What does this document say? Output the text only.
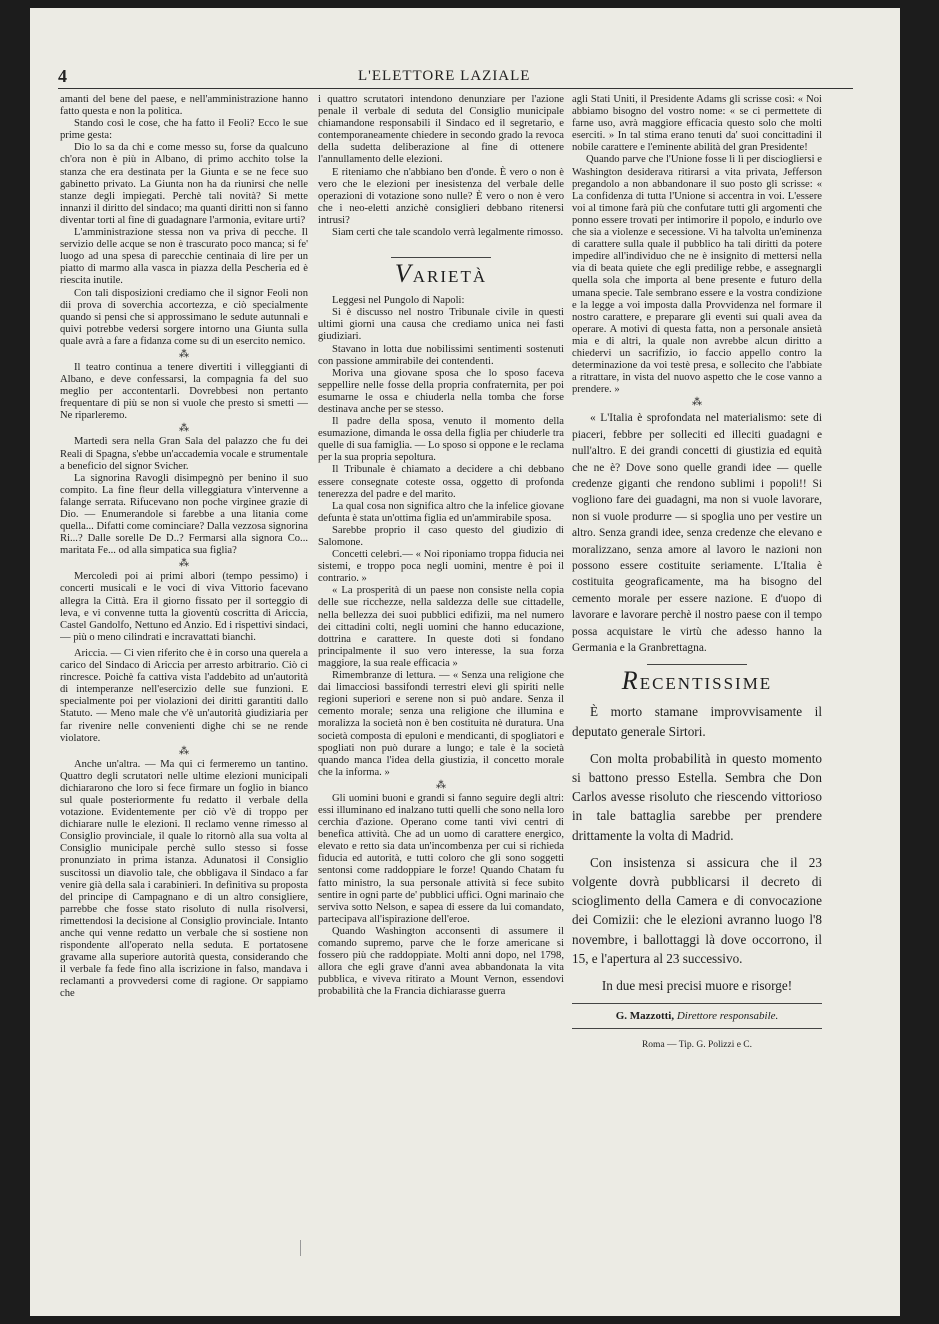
4	L'ELETTORE LAZIALE

amanti del bene del paese, e nell'amministrazione hanno fatto questa e non la politica.

Stando così le cose, che ha fatto il Feoli? Ecco le sue prime gesta:

Dio lo sa da chi e come messo su, forse da qualcuno ch'ora non è più in Albano, di primo acchito tolse la stanza che era destinata per la Giunta e se ne fece suo gabinetto privato. La Giunta non ha da riunirsi che nelle stanze degli impiegati. Perchè tali novità? Si mette innanzi il diritto del sindaco; ma quanti diritti non si fanno diventar torti al fine di guadagnare l'armonia, evitare urti?

L'amministrazione stessa non va priva di pecche. Il servizio delle acque se non è trascurato poco manca; si fe' luogo ad una spesa di parecchie centinaia di lire per un piatto di marmo alla vasca in piazza della Pescheria ed è riescita inutile.

Con tali disposizioni crediamo che il signor Feoli non dii prova di soverchia accortezza, e ciò specialmente quando si pensi che si approssimano le sedute autunnali e quivi potrebbe vedersi sorgere intorno una Giunta sulla quale avrà a fare a fidanza come su di un esercito nemico.

⁂

Il teatro continua a tenere divertiti i villeggianti di Albano, e deve confessarsi, la compagnia fa del suo meglio per accontentarli. Dovrebbesi non pertanto frequentare di più se non si vuole che presto si smetti — Ne riparleremo.

⁂

Martedì sera nella Gran Sala del palazzo che fu dei Reali di Spagna, s'ebbe un'accademia vocale e strumentale a beneficio del signor Svicher.

La signorina Ravogli disimpegnò per benino il suo compito. La fine fleur della villeggiatura v'intervenne a falange serrata. Rifucevano non poche virginee grazie di Dio. — Enumerandole si farebbe a una litania come quella... Difatti come cominciare? Dalla vezzosa signorina Ri...? Dalle sorelle De D..? Fermarsi alla signora Co... maritata Fe... od alla simpatica sua figlia?

⁂

Mercoledì poi ai primi albori (tempo pessimo) i concerti musicali e le voci di viva Vittorio facevano allegra la Città. Era il giorno fissato per il sorteggio di leva, e vi convenne tutta la gioventù coscritta di Ariccia, Castel Gandolfo, Nettuno ed Anzio. Ed i rispettivi sindaci, — più o meno cilindrati e incravattati bianchi.

Ariccia. — Ci vien riferito che è in corso una querela a carico del Sindaco di Ariccia per arresto arbitrario. Ciò ci rincresce. Poichè fa cattiva vista l'addebito ad un'autorità di intemperanze nell'esercizio delle sue funzioni. E specialmente poi per violazioni dei diritti garantiti dallo Statuto. — Meno male che v'è un'autorità giudiziaria per far rivenire nelle convenienti dighe chi se ne rende violatore.

⁂

Anche un'altra. — Ma qui ci fermeremo un tantino. Quattro degli scrutatori nelle ultime elezioni municipali dichiararono che loro si fece firmare un foglio in bianco sul quale posteriormente fu redatto il verbale della votazione. Evidentemente per ciò v'è di troppo per dichiarare nulle le elezioni. Il reclamo venne rimesso al Consiglio provinciale, il quale lo ritornò alla sua volta al Consiglio municipale perchè sullo stesso si fosse pronunziato in prima istanza. Adunatosi il Consiglio suscitossi un diavolio tale, che obbligava il Sindaco a far venire già della sala i carabinieri. In definitiva su proposta del principe di Campagnano e di un altro consigliere, parrebbe che fosse stato risoluto di nulla risolversi, rimettendosi la decisione al Consiglio provinciale. Intanto anche qui venne redatto un verbale che si sostiene non rispondente all'operato nella seduta. E portatosene gravame alla superiore autorità questa, considerando che il verbale fa fede fino alla iscrizione in falso, mandava i reclamanti a provvedersi come di ragione. Or sappiamo che

i quattro scrutatori intendono denunziare per l'azione penale il verbale di seduta del Consiglio municipale chiamandone responsabili il Sindaco ed il segretario, e contemporaneamente chiedere in secondo grado la revoca della sudetta deliberazione al fine di ottenere l'annullamento delle elezioni.

E riteniamo che n'abbiano ben d'onde. È vero o non è vero che le elezioni per inesistenza del verbale delle operazioni di votazione sono nulle? È vero o non è vero che i neo-eletti anzichè consiglieri debbano ritenersi intrusi?

Siam certi che tale scandolo verrà legalmente rimosso.

VARIETÀ

Leggesi nel Pungolo di Napoli:

Si è discusso nel nostro Tribunale civile in questi ultimi giorni una causa che crediamo unica nei fasti giudiziari.

Stavano in lotta due nobilissimi sentimenti sostenuti con passione ammirabile dei contendenti.

Moriva una giovane sposa che lo sposo faceva seppellire nelle fosse della propria confraternita, per poi esumarne le ossa e chiuderla nella tomba che forse destinava anche per se stesso.

Il padre della sposa, venuto il momento della esumazione, dimanda le ossa della figlia per chiuderle tra quelle di sua famiglia. — Lo sposo si oppone e le reclama per la sua propria sepoltura.

Il Tribunale è chiamato a decidere a chi debbano essere consegnate coteste ossa, oggetto di profonda tenerezza del padre e del marito.

La qual cosa non significa altro che la infelice giovane defunta è stata un'ottima figlia ed un'ammirabile sposa.

Sarebbe proprio il caso questo del giudizio di Salomone.

Concetti celebri.— « Noi riponiamo troppa fiducia nei sistemi, e troppo poca negli uomini, mentre è poi il contrario. »

« La prosperità di un paese non consiste nella copia delle sue ricchezze, nella saldezza delle sue cittadelle, nella bellezza dei suoi pubblici edifizii, ma nel numero dei cittadini colti, negli uomini che hanno educazione, dottrina e carattere. In queste doti si fondano principalmente il suo vero interesse, la sua forza maggiore, la sua reale efficacia »

Rimembranze di lettura. — « Senza una religione che dai limacciosi bassifondi terrestri elevi gli spiriti nelle regioni superiori e serene non si può andare. Senza il cemento morale; senza una religione che illumina e moralizza la società non è ben costituita nè duratura. Una società composta di epuloni e mendicanti, di spogliatori e spogliati non può durare a lungo; e tale è la società quando manca l'idea della giustizia, il concetto morale che la informa. »

⁂

Gli uomini buoni e grandi si fanno seguire degli altri: essi illuminano ed inalzano tutti quelli che sono nella loro cerchia d'azione. Operano come tanti vivi centri di benefica attività. Che ad un uomo di carattere energico, elevato e retto sia data un'incombenza per cui si richieda fiducia ed autorità, e tutti coloro che gli sono soggetti sentonsi come raddoppiare le forze! Quando Chatam fu fatto ministro, la sua personale attività si fece subito sentire in ogni parte de' pubblici uffici. Ogni marinaio che serviva sotto Nelson, e sapea di essere da lui comandato, partecipava all'ispirazione dell'eroe.

Quando Washington acconsentì di assumere il comando supremo, parve che le forze americane si fossero più che raddoppiate. Molti anni dopo, nel 1798, allora che egli grave d'anni avea abbandonata la vita pubblica, e viveva ritirato a Mount Vernon, essendovi probabilità che la Francia dichiarasse guerra

agli Stati Uniti, il Presidente Adams gli scrisse così: « Noi abbiamo bisogno del vostro nome: « se ci permettete di farne uso, avrà maggiore efficacia questo solo che molti eserciti. » In tal stima erano tenuti da' suoi concittadini il nobile carattere e l'eminente abilità del gran Presidente!

Quando parve che l'Unione fosse lì lì per disciogliersi e Washington desiderava ritirarsi a vita privata, Jefferson pregandolo a non abbandonare il suo posto gli scrisse: « La confidenza di tutta l'Unione si accentra in voi. L'essere voi al timone farà più che confutare tutti gli argomenti che ponno essere trovati per intimorire il popolo, e indurlo ove che sia a violenze e secessione. Vi ha talvolta un'eminenza di carattere sulla quale il pubblico ha tali diritti da potere impedire all'individuo che ne è insignito di mettersi nella via di beata quiete che egli predilige rebbe, e assegnargli quella sola che importa al bene presente e futuro della umana specie. Tale sembrano essere e la vostra condizione e la legge a voi imposta dalla Provvidenza nel formare il nostro carattere, e preparare gli eventi sui quali avea da operare. A motivi di questa fatta, non a personale ansietà mia e di altri, la quale non avrebbe alcun diritto a chiedervi un sacrifizio, io faccio appello contro la determinazione da voi testè presa, e sollecito che l'abbiate a ritrattare, in vista del nuovo aspetto che le cose vanno a prendere. »

⁂

« L'Italia è sprofondata nel materialismo: sete di piaceri, febbre per solleciti ed illeciti guadagni e null'altro. E dei grandi concetti di giustizia ed equità che ne è? Dove sono quelle grandi idee — quelle credenze giganti che rendono sublimi i popoli!! Si vogliono fare dei guadagni, ma non si vuole lavorare, non si vuole produrre — si spoglia uno per vestire un altro. Senza grandi idee, senza credenze che elevano e moralizzano, senza amore al lavoro le nazioni non possono essere costituite seriamente. L'Italia è costituita geograficamente, ma ha bisogno del cemento morale per essere nazione. E d'uopo di lavorare e lavorare perchè il nostro paese con il tempo possa acquistare le virtù che adesso hanno la Germania e la Granbrettagna.

RECENTISSIME

È morto stamane improvvisamente il deputato generale Sirtori.

Con molta probabilità in questo momento si battono presso Estella. Sembra che Don Carlos avesse risoluto che riescendo vittorioso in tale battaglia sarebbe per prendere drittamente la volta di Madrid.

Con insistenza si assicura che il 23 volgente dovrà pubblicarsi il decreto di scioglimento della Camera e di convocazione dei Comizii: che le elezioni avranno luogo l'8 novembre, i ballottaggi là dove occorrono, il 15, e l'apertura al 23 successivo.

In due mesi precisi muore e risorge!

G. Mazzotti, Direttore responsabile.
Roma — Tip. G. Polizzi e C.
